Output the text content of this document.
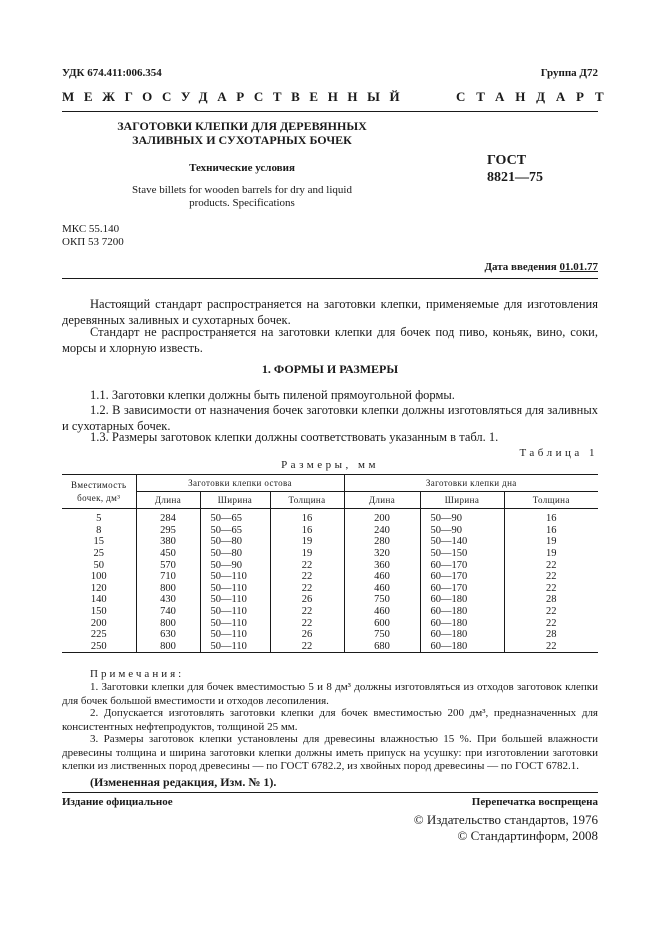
УДК 674.411:006.354	Группа Д72
МЕЖГОСУДАРСТВЕННЫЙ	СТАНДАРТ
ЗАГОТОВКИ КЛЕПКИ ДЛЯ ДЕРЕВЯННЫХ
ЗАЛИВНЫХ И СУХОТАРНЫХ БОЧЕК
Технические условия
Stave billets for wooden barrels for dry and liquid
products. Specifications
ГОСТ
8821—75
МКС 55.140
ОКП 53 7200
Дата введения 01.01.77
Настоящий стандарт распространяется на заготовки клепки, применяемые для изготовления деревянных заливных и сухотарных бочек.
Стандарт не распространяется на заготовки клепки для бочек под пиво, коньяк, вино, соки, морсы и хлорную известь.
1. ФОРМЫ И РАЗМЕРЫ
1.1. Заготовки клепки должны быть пиленой прямоугольной формы.
1.2. В зависимости от назначения бочек заготовки клепки должны изготовляться для заливных и сухотарных бочек.
1.3. Размеры заготовок клепки должны соответствовать указанным в табл. 1.
Таблица 1
Размеры, мм
Вместимость
бочек, дм³	Заготовки клепки остова			Заготовки клепки дна		
	Длина	Ширина	Толщина	Длина	Ширина	Толщина
5	284	50—65	16	200	50—90	16
8	295	50—65	16	240	50—90	16
15	380	50—80	19	280	50—140	19
25	450	50—80	19	320	50—150	19
50	570	50—90	22	360	60—170	22
100	710	50—110	22	460	60—170	22
120	800	50—110	22	460	60—170	22
140	430	50—110	26	750	60—180	28
150	740	50—110	22	460	60—180	22
200	800	50—110	22	600	60—180	22
225	630	50—110	26	750	60—180	28
250	800	50—110	22	680	60—180	22
Примечания:
1. Заготовки клепки для бочек вместимостью 5 и 8 дм³ должны изготовляться из отходов заготовок клепки для бочек большой вместимости и отходов лесопиления.
2. Допускается изготовлять заготовки клепки для бочек вместимостью 200 дм³, предназначенных для консистентных нефтепродуктов, толщиной 25 мм.
3. Размеры заготовок клепки установлены для древесины влажностью 15 %. При большей влажности древесины толщина и ширина заготовки клепки должны иметь припуск на усушку: при изготовлении заготовки клепки из лиственных пород древесины — по ГОСТ 6782.2, из хвойных пород древесины — по ГОСТ 6782.1.
(Измененная редакция, Изм. № 1).
Издание официальное	Перепечатка воспрещена
© Издательство стандартов, 1976
© Стандартинформ, 2008
